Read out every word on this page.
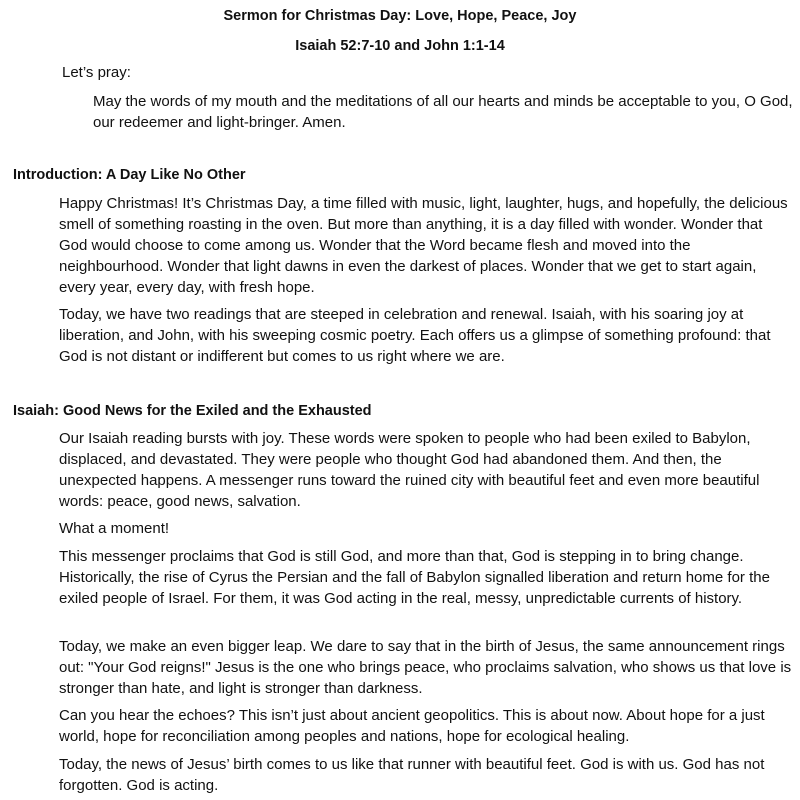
Sermon for Christmas Day: Love, Hope, Peace, Joy
Isaiah 52:7-10 and John 1:1-14

Let’s pray:

May the words of my mouth and the meditations of all our hearts and minds be acceptable to you, O God, our redeemer and light-bringer. Amen.

Introduction: A Day Like No Other

Happy Christmas! It’s Christmas Day, a time filled with music, light, laughter, hugs, and hopefully, the delicious smell of something roasting in the oven. But more than anything, it is a day filled with wonder. Wonder that God would choose to come among us. Wonder that the Word became flesh and moved into the neighbourhood. Wonder that light dawns in even the darkest of places. Wonder that we get to start again, every year, every day, with fresh hope.

Today, we have two readings that are steeped in celebration and renewal. Isaiah, with his soaring joy at liberation, and John, with his sweeping cosmic poetry. Each offers us a glimpse of something profound: that God is not distant or indifferent but comes to us right where we are.

Isaiah: Good News for the Exiled and the Exhausted

Our Isaiah reading bursts with joy. These words were spoken to people who had been exiled to Babylon, displaced, and devastated. They were people who thought God had abandoned them. And then, the unexpected happens. A messenger runs toward the ruined city with beautiful feet and even more beautiful words: peace, good news, salvation.

What a moment!

This messenger proclaims that God is still God, and more than that, God is stepping in to bring change. Historically, the rise of Cyrus the Persian and the fall of Babylon signalled liberation and return home for the exiled people of Israel. For them, it was God acting in the real, messy, unpredictable currents of history.

Today, we make an even bigger leap. We dare to say that in the birth of Jesus, the same announcement rings out: "Your God reigns!" Jesus is the one who brings peace, who proclaims salvation, who shows us that love is stronger than hate, and light is stronger than darkness.

Can you hear the echoes? This isn’t just about ancient geopolitics. This is about now. About hope for a just world, hope for reconciliation among peoples and nations, hope for ecological healing.

Today, the news of Jesus’ birth comes to us like that runner with beautiful feet. God is with us. God has not forgotten. God is acting.
